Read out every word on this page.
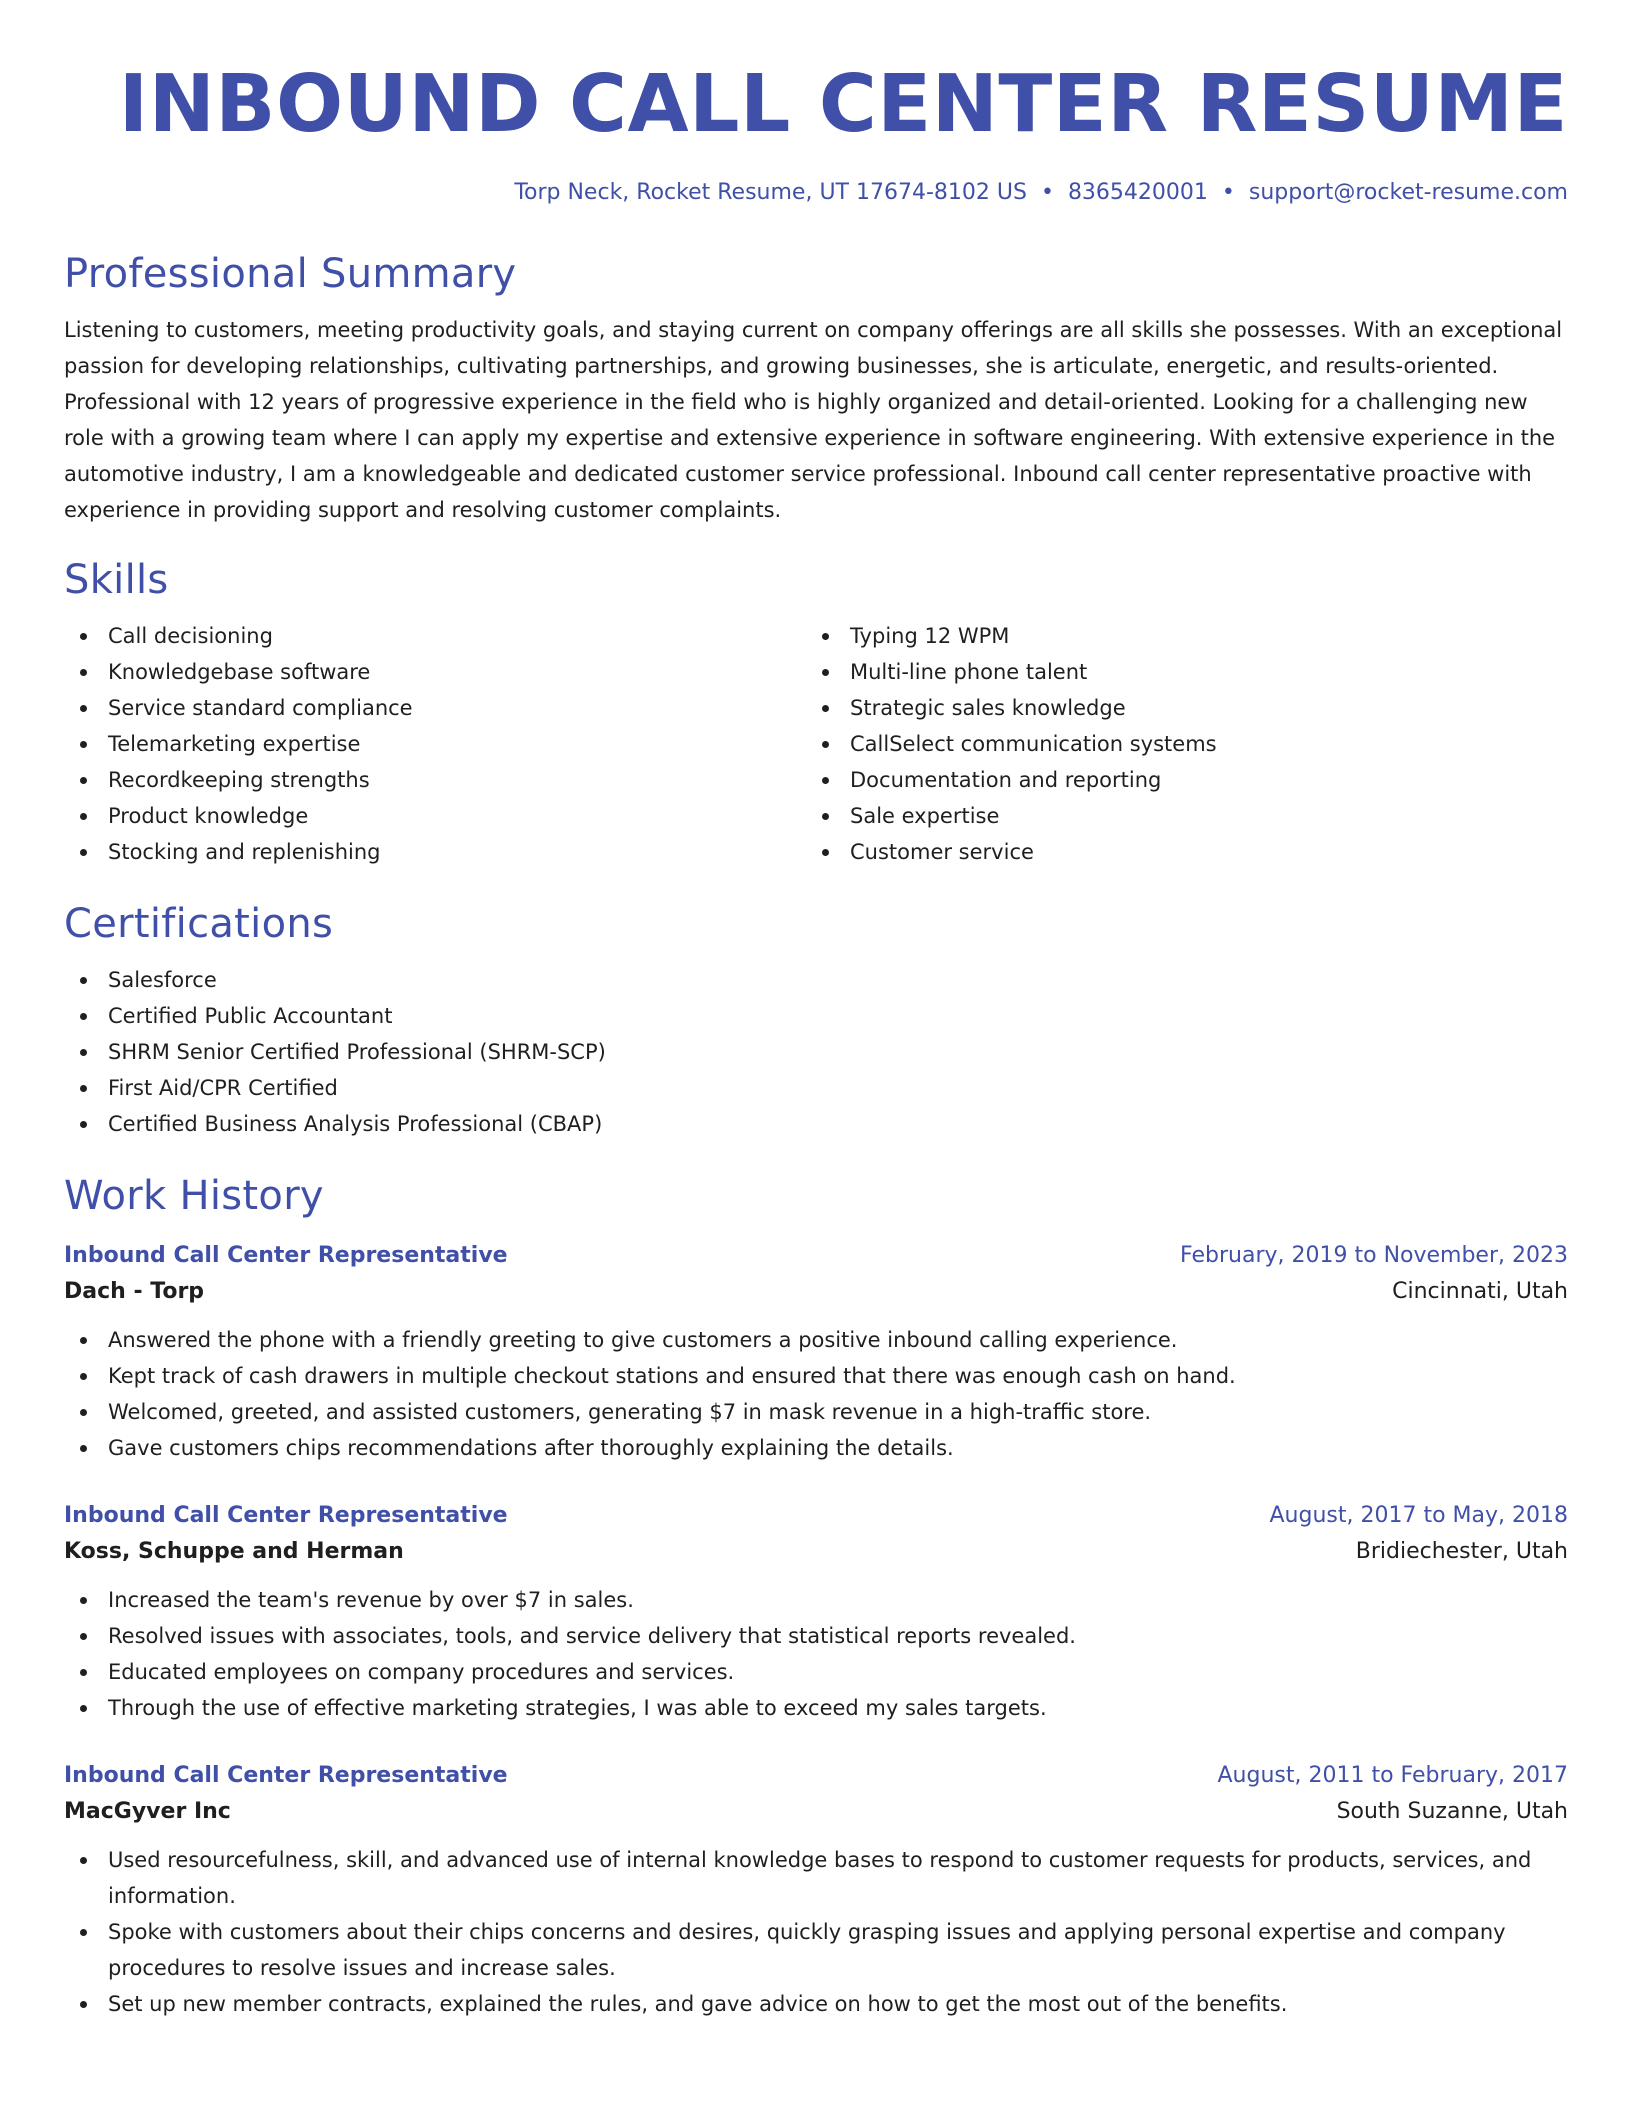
INBOUND CALL CENTER RESUME
Torp Neck, Rocket Resume, UT 17674-8102 US • 8365420001 • support@rocket-resume.com
Professional Summary

Listening to customers, meeting productivity goals, and staying current on company offerings are all skills she possesses. With an exceptional passion for developing relationships, cultivating partnerships, and growing businesses, she is articulate, energetic, and results-oriented. Professional with 12 years of progressive experience in the field who is highly organized and detail-oriented. Looking for a challenging new role with a growing team where I can apply my expertise and extensive experience in software engineering. With extensive experience in the automotive industry, I am a knowledgeable and dedicated customer service professional. Inbound call center representative proactive with experience in providing support and resolving customer complaints.

Skills
Call decisioning
Knowledgebase software
Service standard compliance
Telemarketing expertise
Recordkeeping strengths
Product knowledge
Stocking and replenishing
Typing 12 WPM
Multi-line phone talent
Strategic sales knowledge
CallSelect communication systems
Documentation and reporting
Sale expertise
Customer service
Certifications
Salesforce
Certified Public Accountant
SHRM Senior Certified Professional (SHRM-SCP)
First Aid/CPR Certified
Certified Business Analysis Professional (CBAP)
Work History
Inbound Call Center Representative	February, 2019 to November, 2023
Dach - Torp	Cincinnati, Utah
Answered the phone with a friendly greeting to give customers a positive inbound calling experience.
Kept track of cash drawers in multiple checkout stations and ensured that there was enough cash on hand.
Welcomed, greeted, and assisted customers, generating $7 in mask revenue in a high-traffic store.
Gave customers chips recommendations after thoroughly explaining the details.
Inbound Call Center Representative	August, 2017 to May, 2018
Koss, Schuppe and Herman	Bridiechester, Utah
Increased the team's revenue by over $7 in sales.
Resolved issues with associates, tools, and service delivery that statistical reports revealed.
Educated employees on company procedures and services.
Through the use of effective marketing strategies, I was able to exceed my sales targets.
Inbound Call Center Representative	August, 2011 to February, 2017
MacGyver Inc	South Suzanne, Utah
Used resourcefulness, skill, and advanced use of internal knowledge bases to respond to customer requests for products, services, and information.
Spoke with customers about their chips concerns and desires, quickly grasping issues and applying personal expertise and company procedures to resolve issues and increase sales.
Set up new member contracts, explained the rules, and gave advice on how to get the most out of the benefits.
